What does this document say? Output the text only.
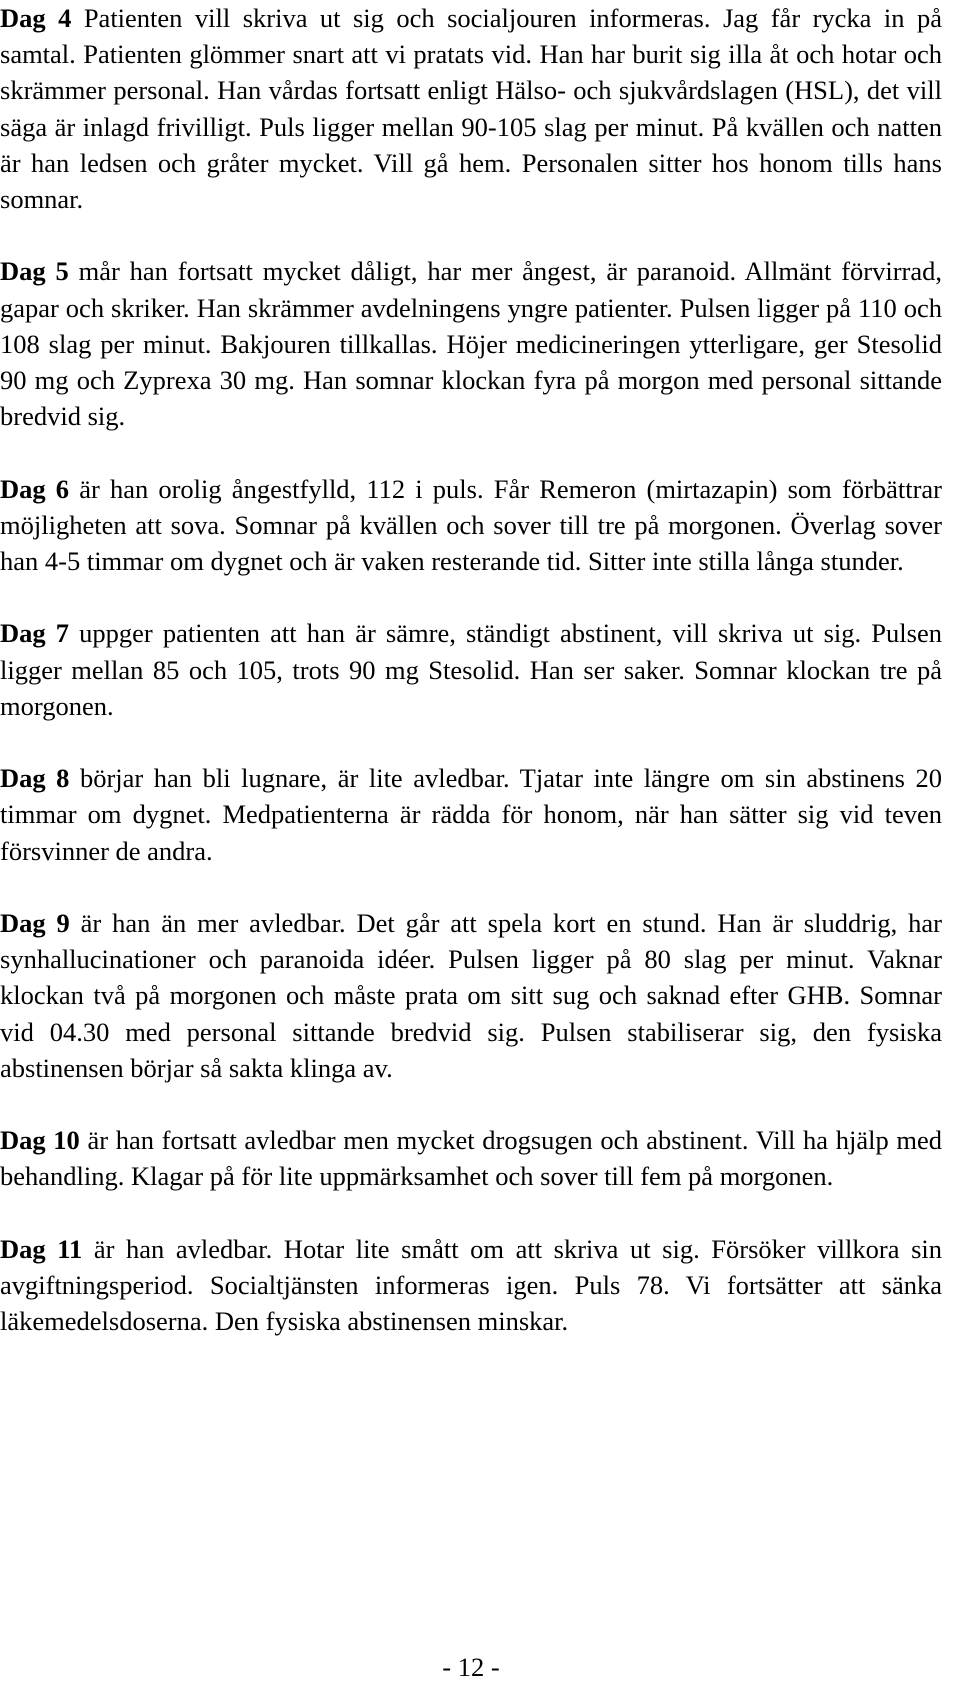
Dag 4 Patienten vill skriva ut sig och socialjouren informeras. Jag får rycka in på samtal. Patienten glömmer snart att vi pratats vid. Han har burit sig illa åt och hotar och skrämmer personal. Han vårdas fortsatt enligt Hälso- och sjukvårdslagen (HSL), det vill säga är inlagd frivilligt. Puls ligger mellan 90-105 slag per minut. På kvällen och natten är han ledsen och gråter mycket. Vill gå hem. Personalen sitter hos honom tills hans somnar.

Dag 5 mår han fortsatt mycket dåligt, har mer ångest, är paranoid. Allmänt förvirrad, gapar och skriker. Han skrämmer avdelningens yngre patienter. Pulsen ligger på 110 och 108 slag per minut. Bakjouren tillkallas. Höjer medicineringen ytterligare, ger Stesolid 90 mg och Zyprexa 30 mg. Han somnar klockan fyra på morgon med personal sittande bredvid sig.

Dag 6 är han orolig ångestfylld, 112 i puls. Får Remeron (mirtazapin) som förbättrar möjligheten att sova. Somnar på kvällen och sover till tre på morgonen. Överlag sover han 4-5 timmar om dygnet och är vaken resterande tid. Sitter inte stilla långa stunder.

Dag 7 uppger patienten att han är sämre, ständigt abstinent, vill skriva ut sig. Pulsen ligger mellan 85 och 105, trots 90 mg Stesolid. Han ser saker. Somnar klockan tre på morgonen.

Dag 8 börjar han bli lugnare, är lite avledbar. Tjatar inte längre om sin abstinens 20 timmar om dygnet. Medpatienterna är rädda för honom, när han sätter sig vid teven försvinner de andra.

Dag 9 är han än mer avledbar. Det går att spela kort en stund. Han är sluddrig, har synhallucinationer och paranoida idéer. Pulsen ligger på 80 slag per minut. Vaknar klockan två på morgonen och måste prata om sitt sug och saknad efter GHB. Somnar vid 04.30 med personal sittande bredvid sig. Pulsen stabiliserar sig, den fysiska abstinensen börjar så sakta klinga av.

Dag 10 är han fortsatt avledbar men mycket drogsugen och abstinent. Vill ha hjälp med behandling. Klagar på för lite uppmärksamhet och sover till fem på morgonen.

Dag 11 är han avledbar. Hotar lite smått om att skriva ut sig. Försöker villkora sin avgiftningsperiod. Socialtjänsten informeras igen. Puls 78. Vi fortsätter att sänka läkemedelsdoserna. Den fysiska abstinensen minskar.

- 12 -
